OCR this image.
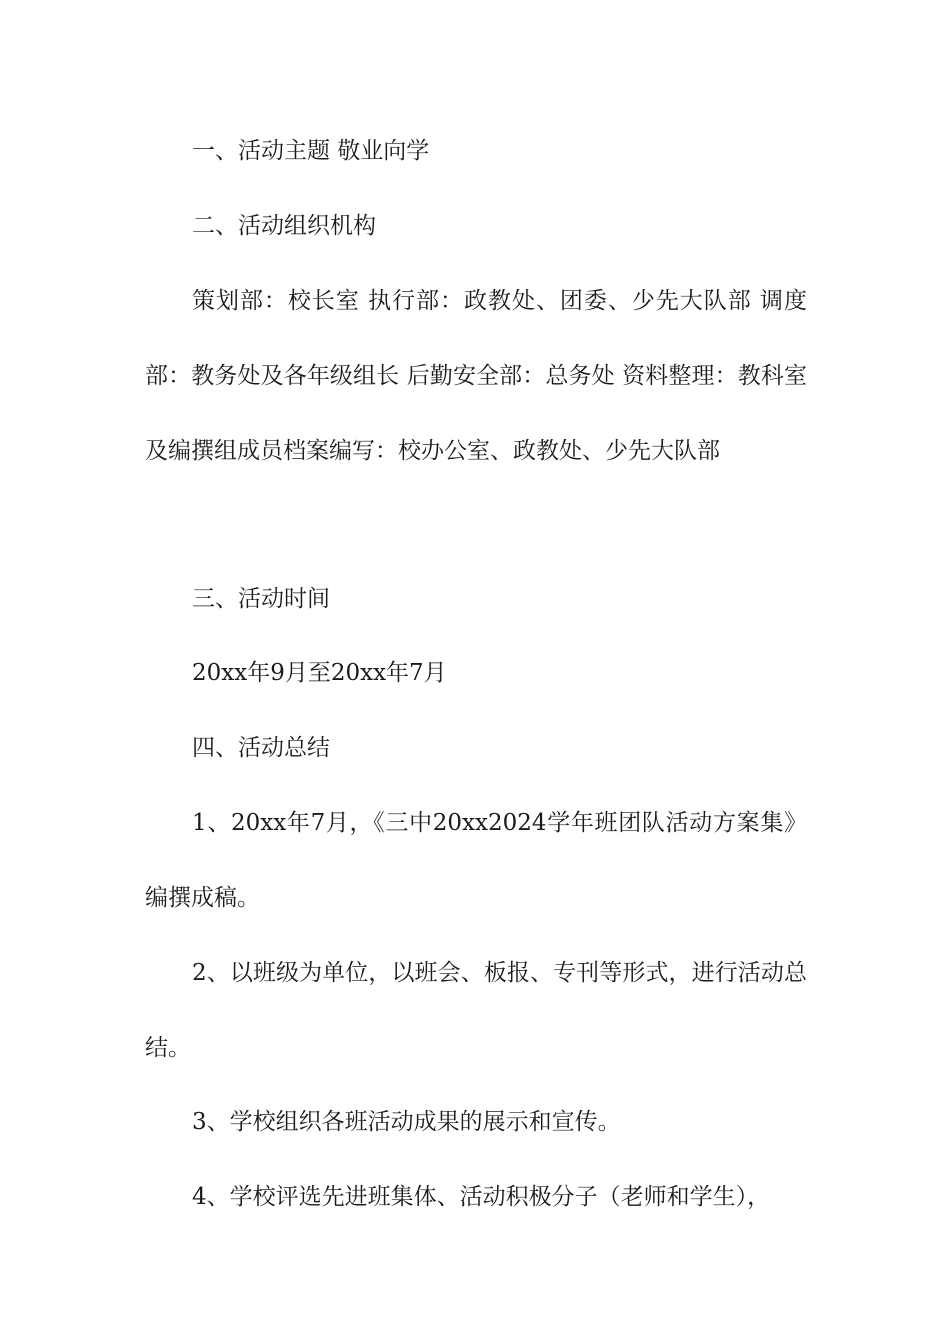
一、活动主题 敬业向学

二、活动组织机构

策划部：校长室 执行部：政教处、团委、少先大队部 调度部：教务处及各年级组长 后勤安全部：总务处 资料整理：教科室及编撰组成员档案编写：校办公室、政教处、少先大队部

三、活动时间

20xx年9月至20xx年7月

四、活动总结

1、20xx年7月，《三中20xx2024学年班团队活动方案集》编撰成稿。

2、以班级为单位，以班会、板报、专刊等形式，进行活动总结。

3、学校组织各班活动成果的展示和宣传。

4、学校评选先进班集体、活动积极分子（老师和学生），
